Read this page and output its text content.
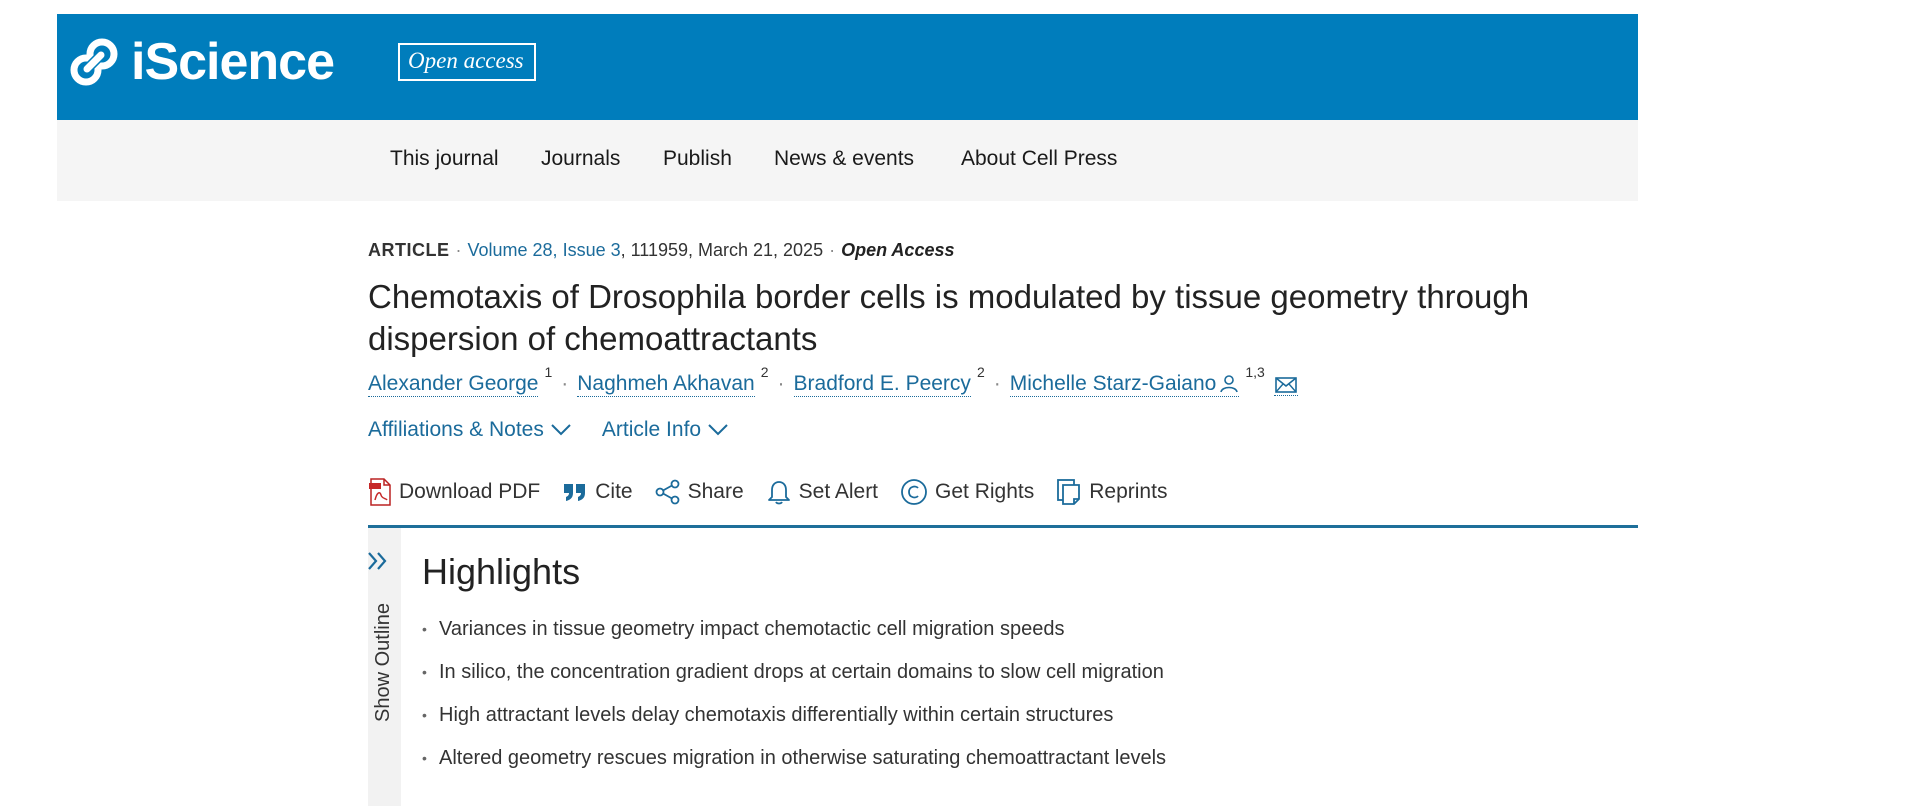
iScience	Open access
This journal Journals Publish News & events About Cell Press
ARTICLE · Volume 28, Issue 3, 111959, March 21, 2025 · Open Access
Chemotaxis of Drosophila border cells is modulated by tissue geometry through dispersion of chemoattractants
Alexander George 1 · Naghmeh Akhavan 2 · Bradford E. Peercy 2 · Michelle Starz-Gaiano 1,3
Affiliations & Notes	Article Info
Download PDF	Cite	Share	Set Alert	Get Rights	Reprints
Show Outline
Highlights
• Variances in tissue geometry impact chemotactic cell migration speeds
• In silico, the concentration gradient drops at certain domains to slow cell migration
• High attractant levels delay chemotaxis differentially within certain structures
• Altered geometry rescues migration in otherwise saturating chemoattractant levels
